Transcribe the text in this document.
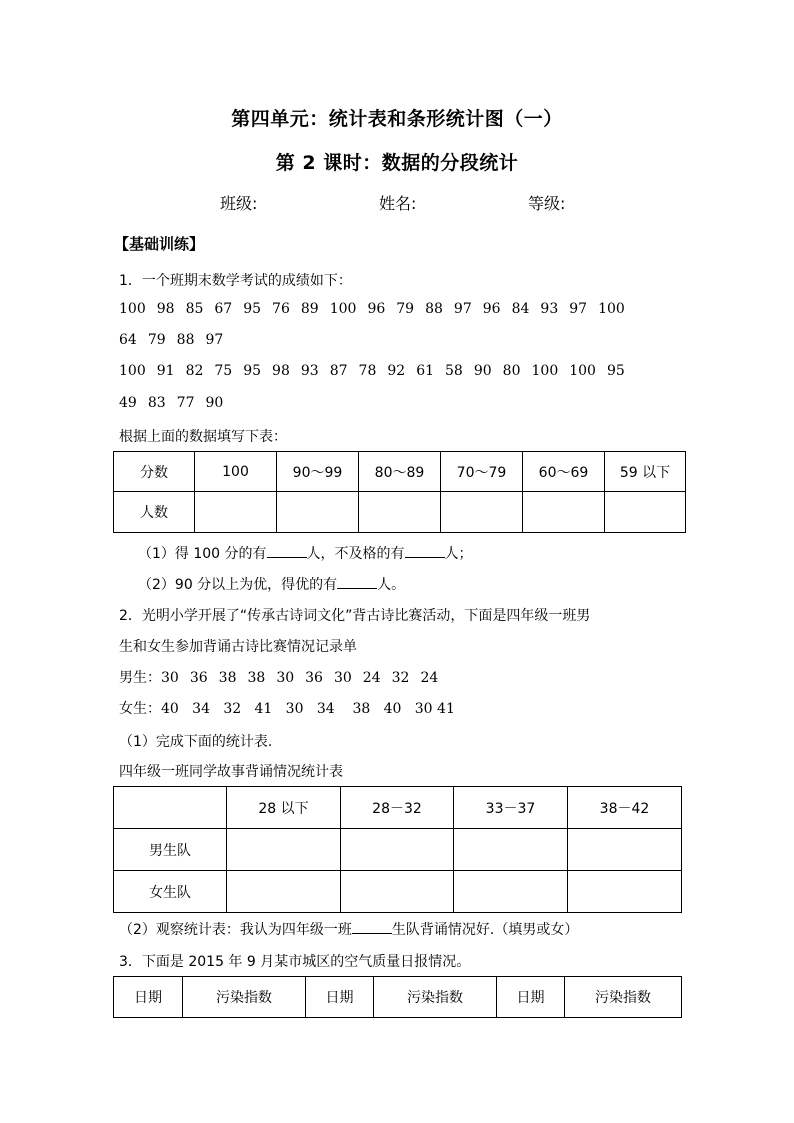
第四单元：统计表和条形统计图（一）
第 2 课时：数据的分段统计
班级:	姓名:	等级:
【基础训练】
1．一个班期末数学考试的成绩如下：
100 98 85 67 95 76 89 100 96 79 88 97 96 84 93 97 100
64 79 88 97
100 91 82 75 95 98 93 87 78 92 61 58 90 80 100 100 95
49 83 77 90
根据上面的数据填写下表：
分数	100	90～99	80～89	70～79	60～69	59 以下
人数						
（1）得 100 分的有	人，不及格的有	人；
（2）90 分以上为优，得优的有	人。
2．光明小学开展了“传承古诗词文化”背古诗比赛活动，下面是四年级一班男
生和女生参加背诵古诗比赛情况记录单
男生：30 36 38 38 30 36 30 24 32 24
女生：40   34   32   41   30   34    38   40   30 41
（1）完成下面的统计表.
四年级一班同学故事背诵情况统计表
	28 以下	28－32	33－37	38－42
男生队				
女生队				
（2）观察统计表：我认为四年级一班	生队背诵情况好.（填男或女）
3．下面是 2015 年 9 月某市城区的空气质量日报情况。
日期	污染指数	日期	污染指数	日期	污染指数
